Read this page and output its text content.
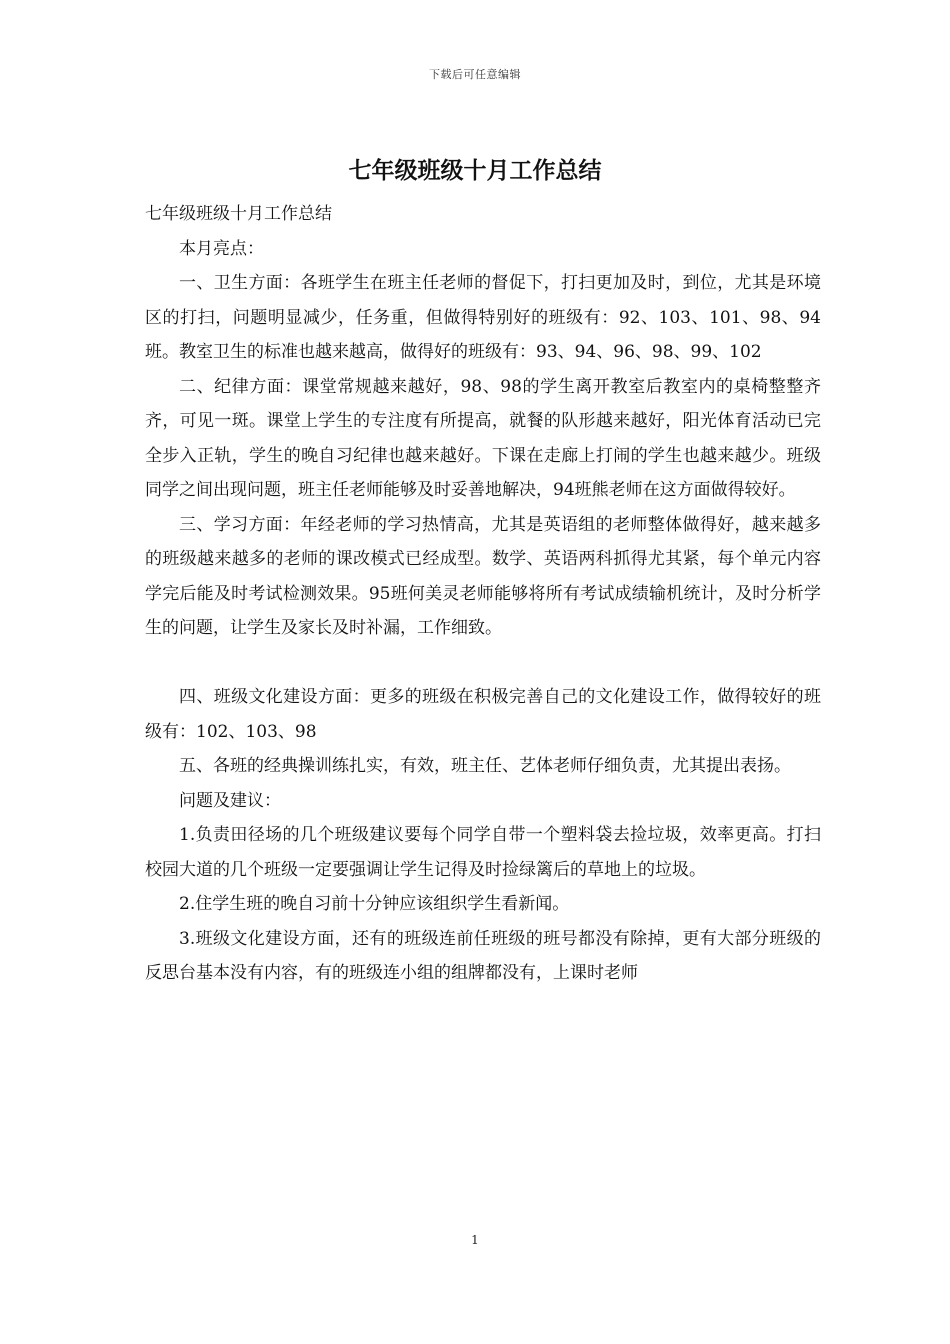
下载后可任意编辑
七年级班级十月工作总结

七年级班级十月工作总结

本月亮点：

一、卫生方面：各班学生在班主任老师的督促下，打扫更加及时，到位，尤其是环境区的打扫，问题明显减少，任务重，但做得特别好的班级有：92、103、101、98、94班。教室卫生的标准也越来越高，做得好的班级有：93、94、96、98、99、102

二、纪律方面：课堂常规越来越好，98、98的学生离开教室后教室内的桌椅整整齐齐，可见一斑。课堂上学生的专注度有所提高，就餐的队形越来越好，阳光体育活动已完全步入正轨，学生的晚自习纪律也越来越好。下课在走廊上打闹的学生也越来越少。班级同学之间出现问题，班主任老师能够及时妥善地解决，94班熊老师在这方面做得较好。

三、学习方面：年经老师的学习热情高，尤其是英语组的老师整体做得好，越来越多的班级越来越多的老师的课改模式已经成型。数学、英语两科抓得尤其紧，每个单元内容学完后能及时考试检测效果。95班何美灵老师能够将所有考试成绩输机统计，及时分析学生的问题，让学生及家长及时补漏，工作细致。

四、班级文化建设方面：更多的班级在积极完善自己的文化建设工作，做得较好的班级有：102、103、98

五、各班的经典操训练扎实，有效，班主任、艺体老师仔细负责，尤其提出表扬。

问题及建议：

1.负责田径场的几个班级建议要每个同学自带一个塑料袋去捡垃圾，效率更高。打扫校园大道的几个班级一定要强调让学生记得及时捡绿篱后的草地上的垃圾。

2.住学生班的晚自习前十分钟应该组织学生看新闻。

3.班级文化建设方面，还有的班级连前任班级的班号都没有除掉，更有大部分班级的反思台基本没有内容，有的班级连小组的组牌都没有，上课时老师

1
